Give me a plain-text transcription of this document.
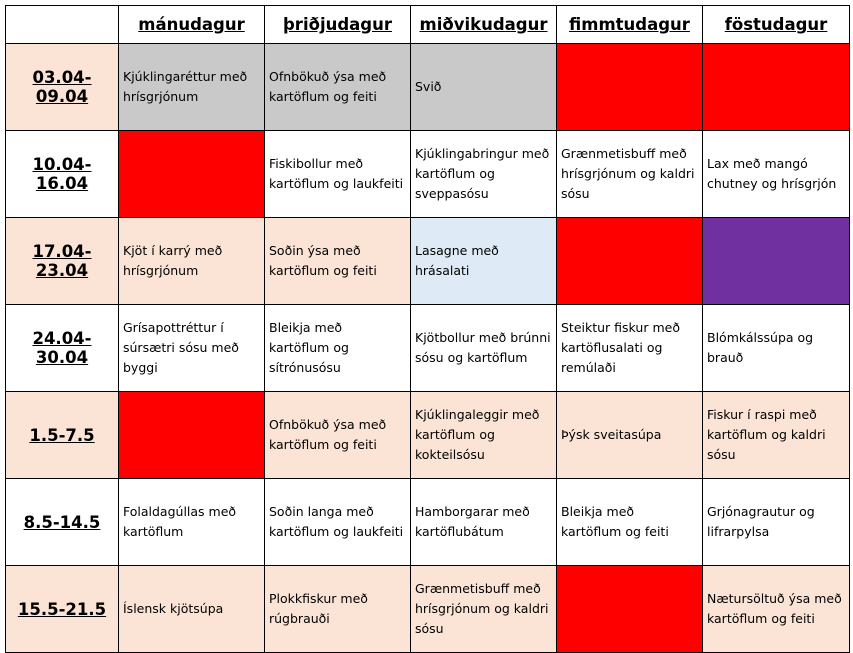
	mánudagur	þriðjudagur	miðvikudagur	fimmtudagur	föstudagur
03.04-09.04	Kjúklingaréttur með hrísgrjónum	Ofnbökuð ýsa með kartöflum og feiti	Svið		
10.04-16.04		Fiskibollur með kartöflum og laukfeiti	Kjúklingabringur með kartöflum og sveppasósu	Grænmetisbuff með hrísgrjónum og kaldri sósu	Lax með mangó chutney og hrísgrjón
17.04-23.04	Kjöt í karrý með hrísgrjónum	Soðin ýsa með kartöflum og feiti	Lasagne með hrásalati		
24.04-30.04	Grísapottréttur í súrsætri sósu með byggi	Bleikja með kartöflum og sítrónusósu	Kjötbollur með brúnni sósu og kartöflum	Steiktur fiskur með kartöflusalati og remúlaði	Blómkálssúpa og brauð
1.5-7.5		Ofnbökuð ýsa með kartöflum og feiti	Kjúklingaleggir með kartöflum og kokteilsósu	Þýsk sveitasúpa	Fiskur í raspi með kartöflum og kaldri sósu
8.5-14.5	Folaldagúllas með kartöflum	Soðin langa með kartöflum og laukfeiti	Hamborgarar með kartöflubátum	Bleikja með kartöflum og feiti	Grjónagrautur og lifrarpylsa
15.5-21.5	Íslensk kjötsúpa	Plokkfiskur með rúgbrauði	Grænmetisbuff með hrísgrjónum og kaldri sósu		Nætursöltuð ýsa með kartöflum og feiti
